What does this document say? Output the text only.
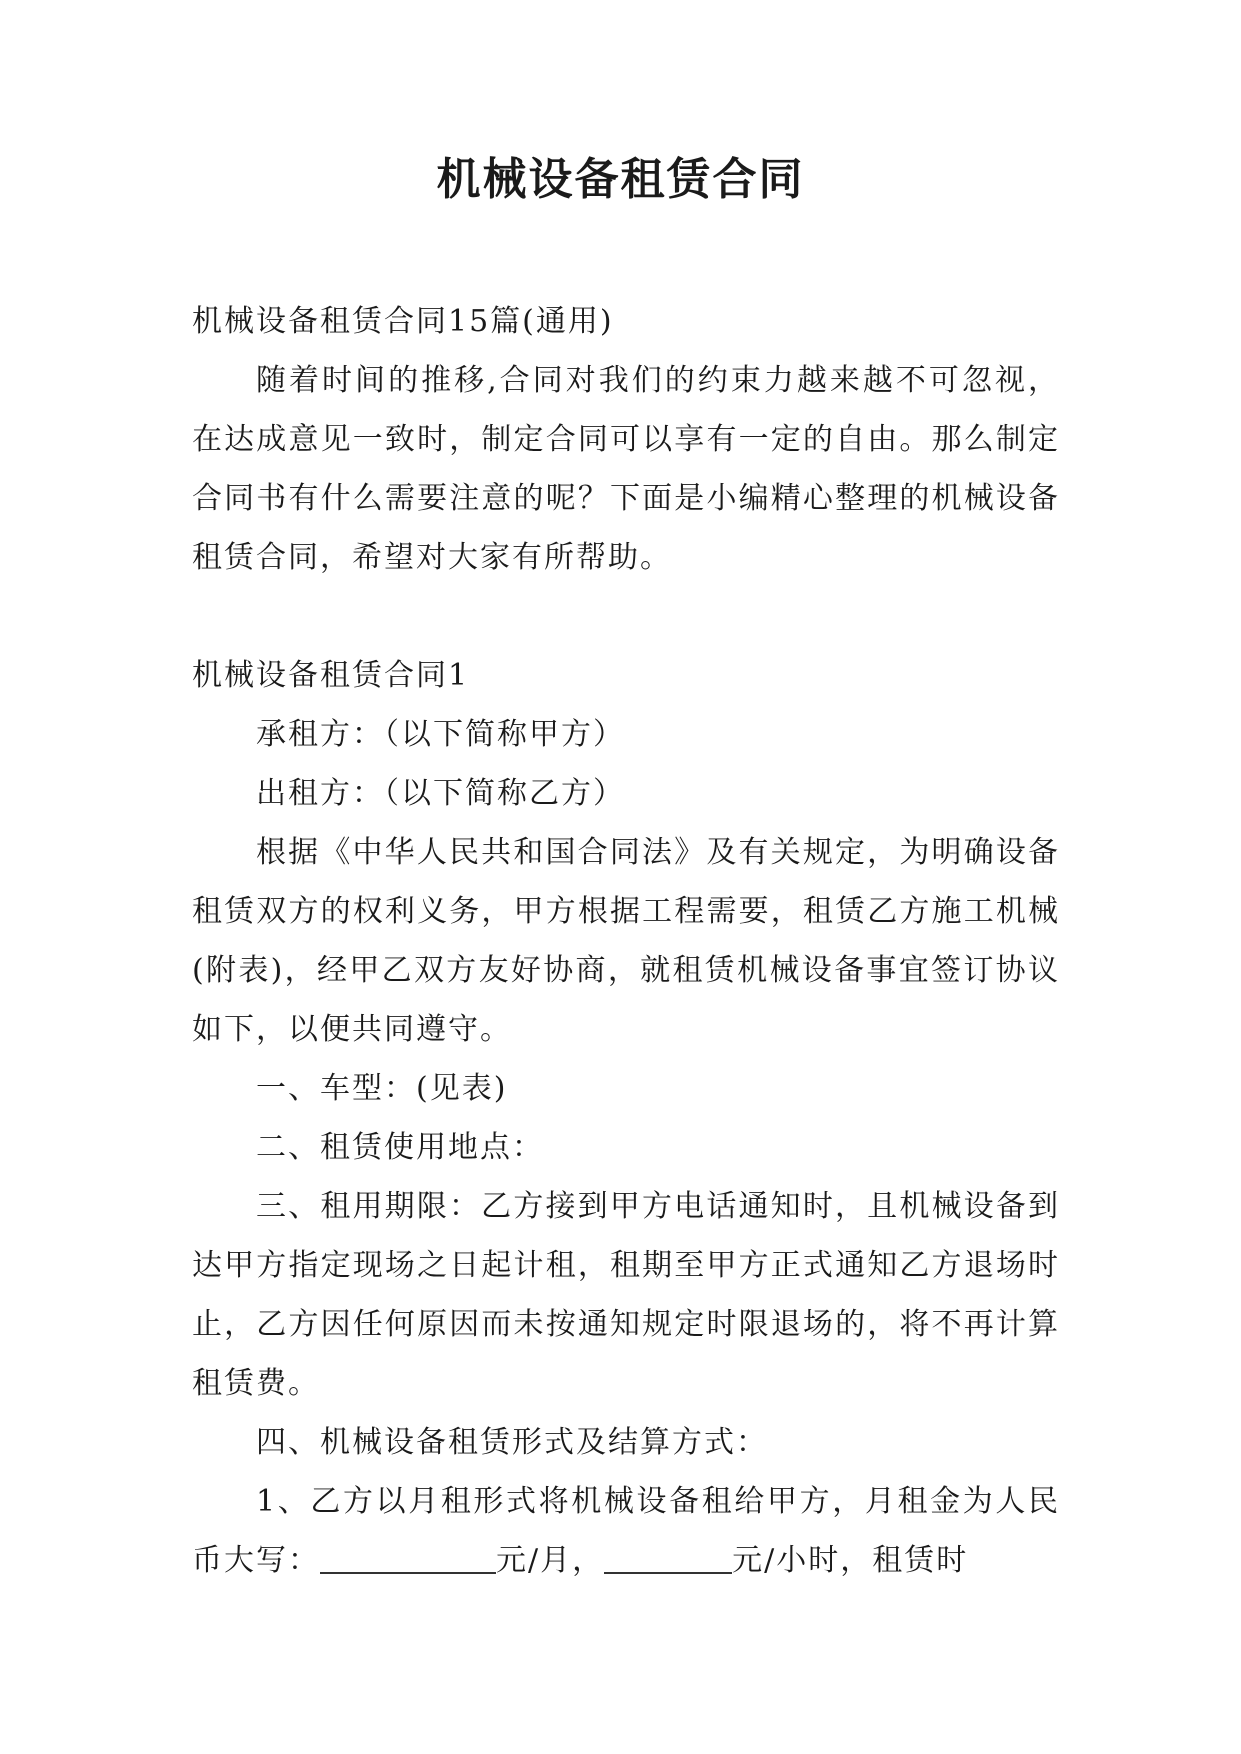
机械设备租赁合同

机械设备租赁合同15篇(通用)

随着时间的推移,合同对我们的约束力越来越不可忽视，在达成意见一致时，制定合同可以享有一定的自由。那么制定合同书有什么需要注意的呢？下面是小编精心整理的机械设备租赁合同，希望对大家有所帮助。

机械设备租赁合同1

承租方：（以下简称甲方）

出租方：（以下简称乙方）

根据《中华人民共和国合同法》及有关规定，为明确设备租赁双方的权利义务，甲方根据工程需要，租赁乙方施工机械(附表)，经甲乙双方友好协商，就租赁机械设备事宜签订协议如下，以便共同遵守。

一、车型：(见表)

二、租赁使用地点：

三、租用期限：乙方接到甲方电话通知时，且机械设备到达甲方指定现场之日起计租，租期至甲方正式通知乙方退场时止，乙方因任何原因而未按通知规定时限退场的，将不再计算租赁费。

四、机械设备租赁形式及结算方式：

1、乙方以月租形式将机械设备租给甲方，月租金为人民币大写：	元/月，	元/小时，租赁时
